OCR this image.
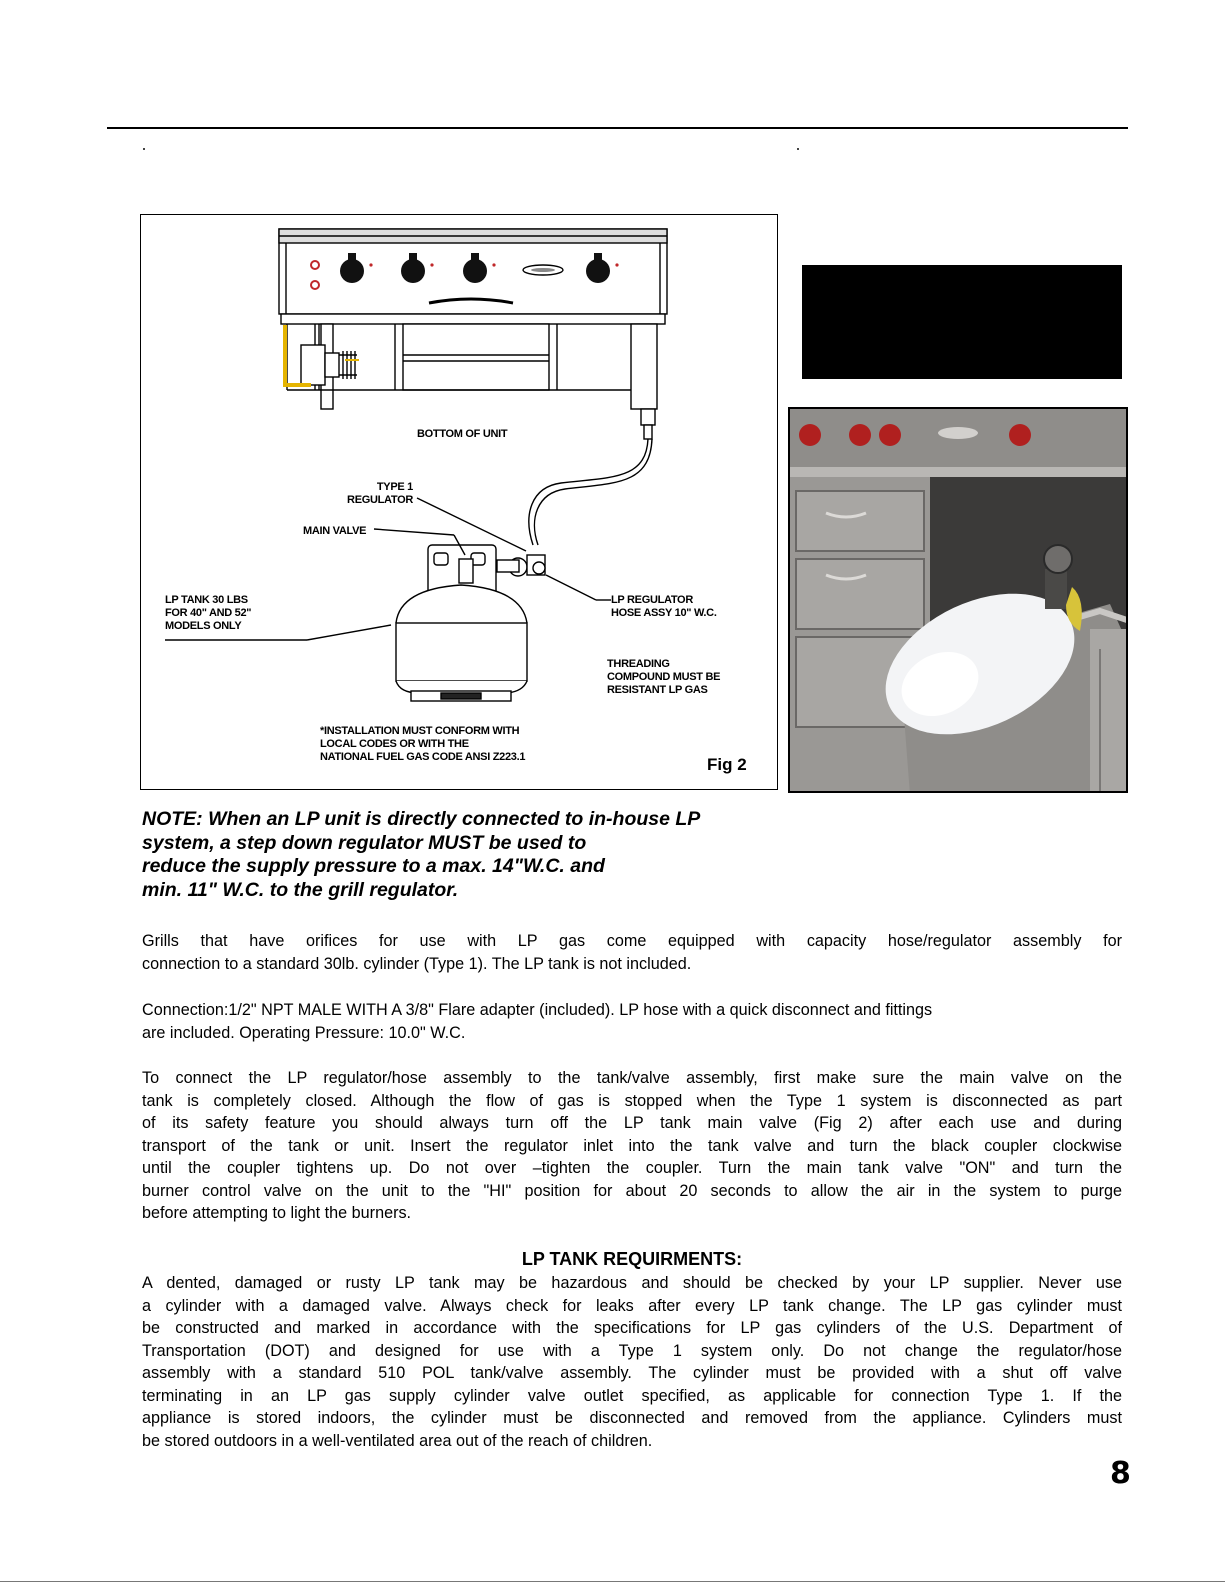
BOTTOM OF UNIT
TYPE 1
REGULATOR
MAIN VALVE
LP TANK 30 LBS
FOR 40" AND 52"
MODELS ONLY
LP REGULATOR
HOSE ASSY 10" W.C.
THREADING
COMPOUND MUST BE
RESISTANT LP GAS
*INSTALLATION MUST CONFORM WITH
LOCAL CODES OR WITH THE
NATIONAL FUEL GAS CODE ANSI Z223.1	Fig 2
NOTE: When an LP unit is directly connected to in-house LP
system, a step down regulator MUST be used to
reduce the supply pressure to a max. 14"W.C. and
min. 11" W.C. to the grill regulator.
Grills that have orifices for use with LP gas come equipped with capacity hose/regulator assembly for
connection to a standard 30lb. cylinder (Type 1). The LP tank is not included.
Connection:1/2" NPT MALE WITH A 3/8" Flare adapter (included). LP hose with a quick disconnect and fittings
are included. Operating Pressure: 10.0" W.C.
To connect the LP regulator/hose assembly to the tank/valve assembly, first make sure the main valve on the
tank is completely closed. Although the flow of gas is stopped when the Type 1 system is disconnected as part
of its safety feature you should always turn off the LP tank main valve (Fig 2) after each use and during
transport of the tank or unit. Insert the regulator inlet into the tank valve and turn the black coupler clockwise
until the coupler tightens up. Do not over –tighten the coupler. Turn the main tank valve "ON" and turn the
burner control valve on the unit to the "HI" position for about 20 seconds to allow the air in the system to purge
before attempting to light the burners.
LP TANK REQUIRMENTS:
A dented, damaged or rusty LP tank may be hazardous and should be checked by your LP supplier. Never use
a cylinder with a damaged valve. Always check for leaks after every LP tank change. The LP gas cylinder must
be constructed and marked in accordance with the specifications for LP gas cylinders of the U.S. Department of
Transportation (DOT) and designed for use with a Type 1 system only. Do not change the regulator/hose
assembly with a standard 510 POL tank/valve assembly. The cylinder must be provided with a shut off valve
terminating in an LP gas supply cylinder valve outlet specified, as applicable for connection Type 1. If the
appliance is stored indoors, the cylinder must be disconnected and removed from the appliance. Cylinders must
be stored outdoors in a well-ventilated area out of the reach of children.
8
